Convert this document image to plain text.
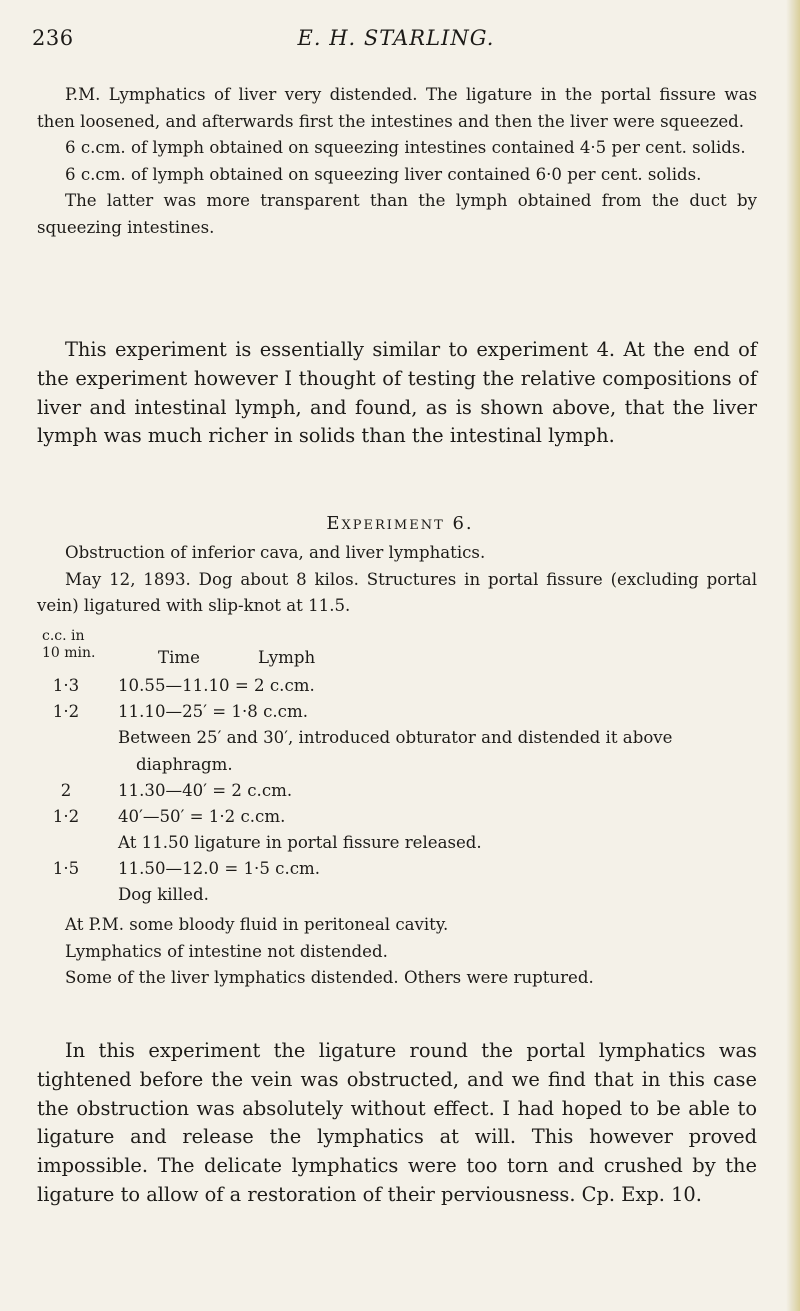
236	E. H. STARLING.

P.M. Lymphatics of liver very distended. The ligature in the portal fissure was then loosened, and afterwards first the intestines and then the liver were squeezed.

6 c.cm. of lymph obtained on squeezing intestines contained 4·5 per cent. solids.

6 c.cm. of lymph obtained on squeezing liver contained 6·0 per cent. solids.

The latter was more transparent than the lymph obtained from the duct by squeezing intestines.

This experiment is essentially similar to experiment 4. At the end of the experiment however I thought of testing the relative compositions of liver and intestinal lymph, and found, as is shown above, that the liver lymph was much richer in solids than the intestinal lymph.

Experiment 6.

Obstruction of inferior cava, and liver lymphatics.

May 12, 1893. Dog about 8 kilos. Structures in portal fissure (excluding portal vein) ligatured with slip-knot at 11.5.

c.c. in
10 min.	Time	Lymph
1·3	10.55—11.10 = 2 c.cm.
1·2	11.10—25′ = 1·8 c.cm.

Between 25′ and 30′, introduced obturator and distended it above

diaphragm.

2	11.30—40′ = 2 c.cm.
1·2	40′—50′ = 1·2 c.cm.

At 11.50 ligature in portal fissure released.

1·5	11.50—12.0 = 1·5 c.cm.

Dog killed.

At P.M. some bloody fluid in peritoneal cavity.

Lymphatics of intestine not distended.

Some of the liver lymphatics distended. Others were ruptured.

In this experiment the ligature round the portal lymphatics was tightened before the vein was obstructed, and we find that in this case the obstruction was absolutely without effect. I had hoped to be able to ligature and release the lymphatics at will. This however proved impossible. The delicate lymphatics were too torn and crushed by the ligature to allow of a restoration of their perviousness. Cp. Exp. 10.
